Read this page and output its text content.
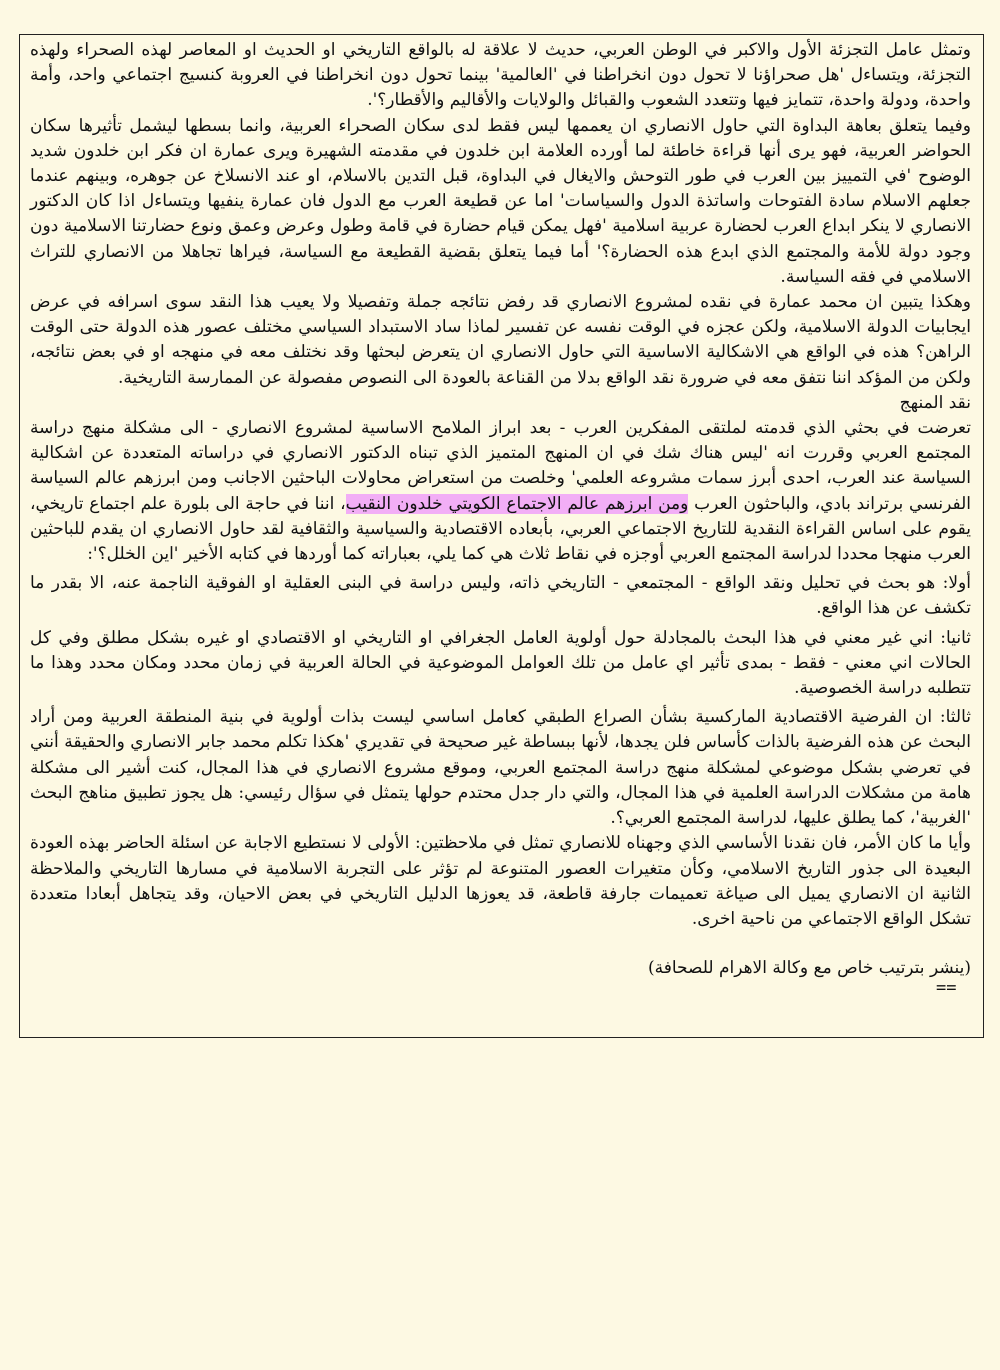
وتمثل عامل التجزئة الأول والاكبر في الوطن العربي، حديث لا علاقة له بالواقع التاريخي او الحديث او المعاصر لهذه الصحراء ولهذه التجزئة، ويتساءل 'هل صحراؤنا لا تحول دون انخراطنا في 'العالمية' بينما تحول دون انخراطنا في العروبة كنسيج اجتماعي واحد، وأمة واحدة، ودولة واحدة، تتمايز فيها وتتعدد الشعوب والقبائل والولايات والأقاليم والأقطار؟'.

وفيما يتعلق بعاهة البداوة التي حاول الانصاري ان يعممها ليس فقط لدى سكان الصحراء العربية، وانما بسطها ليشمل تأثيرها سكان الحواضر العربية، فهو يرى أنها قراءة خاطئة لما أورده العلامة ابن خلدون في مقدمته الشهيرة ويرى عمارة ان فكر ابن خلدون شديد الوضوح 'في التمييز بين العرب في طور التوحش والايغال في البداوة، قبل التدين بالاسلام، او عند الانسلاخ عن جوهره، وبينهم عندما جعلهم الاسلام سادة الفتوحات واساتذة الدول والسياسات' اما عن قطيعة العرب مع الدول فان عمارة ينفيها ويتساءل اذا كان الدكتور الانصاري لا ينكر ابداع العرب لحضارة عربية اسلامية 'فهل يمكن قيام حضارة في قامة وطول وعرض وعمق ونوع حضارتنا الاسلامية دون وجود دولة للأمة والمجتمع الذي ابدع هذه الحضارة؟' أما فيما يتعلق بقضية القطيعة مع السياسة، فيراها تجاهلا من الانصاري للتراث الاسلامي في فقه السياسة.

وهكذا يتبين ان محمد عمارة في نقده لمشروع الانصاري قد رفض نتائجه جملة وتفصيلا ولا يعيب هذا النقد سوى اسرافه في عرض ايجابيات الدولة الاسلامية، ولكن عجزه في الوقت نفسه عن تفسير لماذا ساد الاستبداد السياسي مختلف عصور هذه الدولة حتى الوقت الراهن؟ هذه في الواقع هي الاشكالية الاساسية التي حاول الانصاري ان يتعرض لبحثها وقد نختلف معه في منهجه او في بعض نتائجه، ولكن من المؤكد اننا نتفق معه في ضرورة نقد الواقع بدلا من القناعة بالعودة الى النصوص مفصولة عن الممارسة التاريخية.

نقد المنهج

تعرضت في بحثي الذي قدمته لملتقى المفكرين العرب - بعد ابراز الملامح الاساسية لمشروع الانصاري - الى مشكلة منهج دراسة المجتمع العربي وقررت انه 'ليس هناك شك في ان المنهج المتميز الذي تبناه الدكتور الانصاري في دراساته المتعددة عن اشكالية السياسة عند العرب، احدى أبرز سمات مشروعه العلمي' وخلصت من استعراض محاولات الباحثين الاجانب ومن ابرزهم عالم السياسة الفرنسي برتراند بادي، والباحثون العرب ومن ابرزهم عالم الاجتماع الكويتي خلدون النقيب، اننا في حاجة الى بلورة علم اجتماع تاريخي، يقوم على اساس القراءة النقدية للتاريخ الاجتماعي العربي، بأبعاده الاقتصادية والسياسية والثقافية لقد حاول الانصاري ان يقدم للباحثين العرب منهجا محددا لدراسة المجتمع العربي أوجزه في نقاط ثلاث هي كما يلي، بعباراته كما أوردها في كتابه الأخير 'اين الخلل؟':

أولا: هو بحث في تحليل ونقد الواقع - المجتمعي - التاريخي ذاته، وليس دراسة في البنى العقلية او الفوقية الناجمة عنه، الا بقدر ما تكشف عن هذا الواقع.

ثانيا: اني غير معني في هذا البحث بالمجادلة حول أولوية العامل الجغرافي او التاريخي او الاقتصادي او غيره بشكل مطلق وفي كل الحالات اني معني - فقط - بمدى تأثير اي عامل من تلك العوامل الموضوعية في الحالة العربية في زمان محدد ومكان محدد وهذا ما تتطلبه دراسة الخصوصية.

ثالثا: ان الفرضية الاقتصادية الماركسية بشأن الصراع الطبقي كعامل اساسي ليست بذات أولوية في بنية المنطقة العربية ومن أراد البحث عن هذه الفرضية بالذات كأساس فلن يجدها، لأنها ببساطة غير صحيحة في تقديري 'هكذا تكلم محمد جابر الانصاري والحقيقة أنني في تعرضي بشكل موضوعي لمشكلة منهج دراسة المجتمع العربي، وموقع مشروع الانصاري في هذا المجال، كنت أشير الى مشكلة هامة من مشكلات الدراسة العلمية في هذا المجال، والتي دار جدل محتدم حولها يتمثل في سؤال رئيسي: هل يجوز تطبيق مناهج البحث 'الغربية'، كما يطلق عليها، لدراسة المجتمع العربي؟.

وأيا ما كان الأمر، فان نقدنا الأساسي الذي وجهناه للانصاري تمثل في ملاحظتين: الأولى لا نستطيع الاجابة عن اسئلة الحاضر بهذه العودة البعيدة الى جذور التاريخ الاسلامي، وكأن متغيرات العصور المتنوعة لم تؤثر على التجربة الاسلامية في مسارها التاريخي والملاحظة الثانية ان الانصاري يميل الى صياغة تعميمات جارفة قاطعة، قد يعوزها الدليل التاريخي في بعض الاحيان، وقد يتجاهل أبعادا متعددة تشكل الواقع الاجتماعي من ناحية اخرى.

(ينشر بترتيب خاص مع وكالة الاهرام للصحافة)

==
